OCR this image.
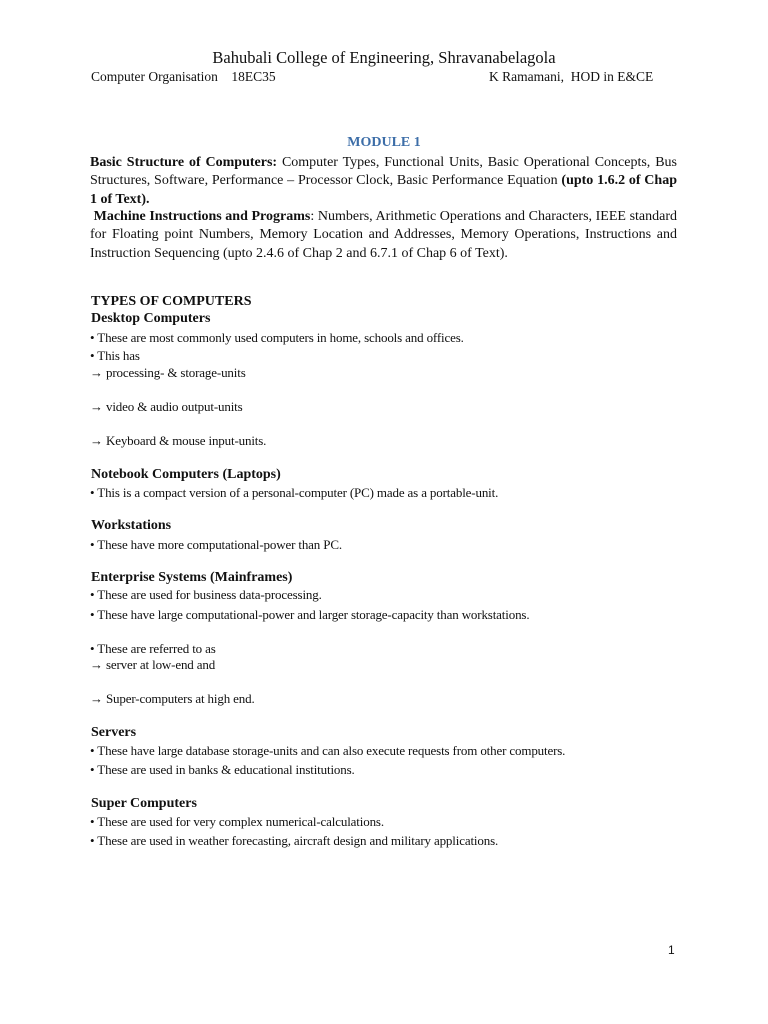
Bahubali College of Engineering, Shravanabelagola
Computer Organisation    18EC35	K Ramamani,  HOD in E&CE
MODULE 1
Basic Structure of Computers: Computer Types, Functional Units, Basic Operational Concepts, Bus Structures, Software, Performance – Processor Clock, Basic Performance Equation (upto 1.6.2 of Chap 1 of Text).
Machine Instructions and Programs: Numbers, Arithmetic Operations and Characters, IEEE standard for Floating point Numbers, Memory Location and Addresses, Memory Operations, Instructions and Instruction Sequencing (upto 2.4.6 of Chap 2 and 6.7.1 of Chap 6 of Text).
TYPES OF COMPUTERS
Desktop Computers
• These are most commonly used computers in home, schools and offices.
• This has
→ processing- & storage-units
→ video & audio output-units
→ Keyboard & mouse input-units.
Notebook Computers (Laptops)
• This is a compact version of a personal-computer (PC) made as a portable-unit.
Workstations
• These have more computational-power than PC.
Enterprise Systems (Mainframes)
• These are used for business data-processing.
• These have large computational-power and larger storage-capacity than workstations.
• These are referred to as
→ server at low-end and
→ Super-computers at high end.
Servers
• These have large database storage-units and can also execute requests from other computers.
• These are used in banks & educational institutions.
Super Computers
• These are used for very complex numerical-calculations.
• These are used in weather forecasting, aircraft design and military applications.
1
